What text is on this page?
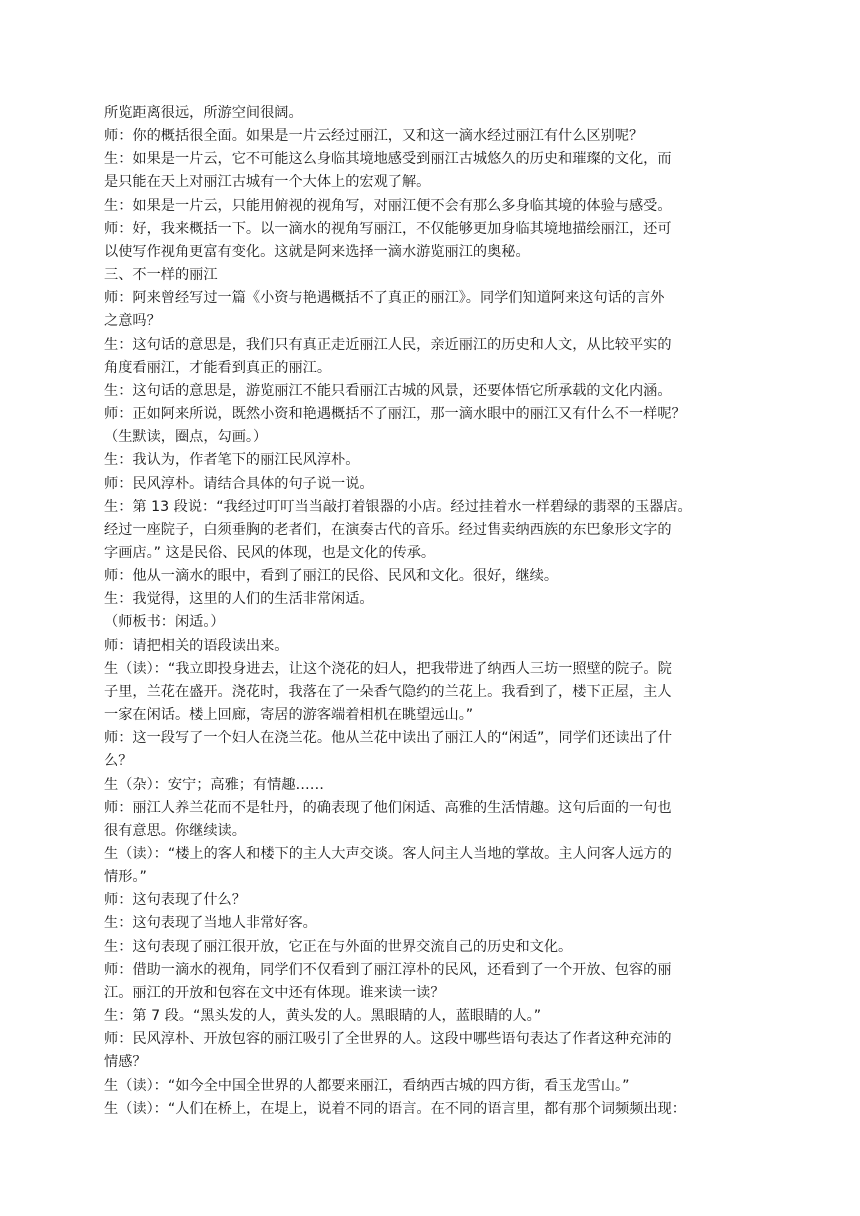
所览距离很远，所游空间很阔。
师：你的概括很全面。如果是一片云经过丽江，又和这一滴水经过丽江有什么区别呢？
生：如果是一片云，它不可能这么身临其境地感受到丽江古城悠久的历史和璀璨的文化，而
是只能在天上对丽江古城有一个大体上的宏观了解。
生：如果是一片云，只能用俯视的视角写，对丽江便不会有那么多身临其境的体验与感受。
师：好，我来概括一下。以一滴水的视角写丽江，不仅能够更加身临其境地描绘丽江，还可
以使写作视角更富有变化。这就是阿来选择一滴水游览丽江的奥秘。
三、不一样的丽江
师：阿来曾经写过一篇《小资与艳遇概括不了真正的丽江》。同学们知道阿来这句话的言外
之意吗？
生：这句话的意思是，我们只有真正走近丽江人民，亲近丽江的历史和人文，从比较平实的
角度看丽江，才能看到真正的丽江。
生：这句话的意思是，游览丽江不能只看丽江古城的风景，还要体悟它所承载的文化内涵。
师：正如阿来所说，既然小资和艳遇概括不了丽江，那一滴水眼中的丽江又有什么不一样呢？
（生默读，圈点，勾画。）
生：我认为，作者笔下的丽江民风淳朴。
师：民风淳朴。请结合具体的句子说一说。
生：第 13 段说：“我经过叮叮当当敲打着银器的小店。经过挂着水一样碧绿的翡翠的玉器店。
经过一座院子，白须垂胸的老者们，在演奏古代的音乐。经过售卖纳西族的东巴象形文字的
字画店。” 这是民俗、民风的体现，也是文化的传承。
师：他从一滴水的眼中，看到了丽江的民俗、民风和文化。很好，继续。
生：我觉得，这里的人们的生活非常闲适。
（师板书：闲适。）
师：请把相关的语段读出来。
生（读）：“我立即投身进去，让这个浇花的妇人，把我带进了纳西人三坊一照壁的院子。院
子里，兰花在盛开。浇花时，我落在了一朵香气隐约的兰花上。我看到了，楼下正屋，主人
一家在闲话。楼上回廊，寄居的游客端着相机在眺望远山。”
师：这一段写了一个妇人在浇兰花。他从兰花中读出了丽江人的“闲适”，同学们还读出了什
么？
生（杂）：安宁；高雅；有情趣……
师：丽江人养兰花而不是牡丹，的确表现了他们闲适、高雅的生活情趣。这句后面的一句也
很有意思。你继续读。
生（读）：“楼上的客人和楼下的主人大声交谈。客人问主人当地的掌故。主人问客人远方的
情形。”
师：这句表现了什么？
生：这句表现了当地人非常好客。
生：这句表现了丽江很开放，它正在与外面的世界交流自己的历史和文化。
师：借助一滴水的视角，同学们不仅看到了丽江淳朴的民风，还看到了一个开放、包容的丽
江。丽江的开放和包容在文中还有体现。谁来读一读？
生：第 7 段。“黑头发的人，黄头发的人。黑眼睛的人，蓝眼睛的人。”
师：民风淳朴、开放包容的丽江吸引了全世界的人。这段中哪些语句表达了作者这种充沛的
情感？
生（读）：“如今全中国全世界的人都要来丽江，看纳西古城的四方街，看玉龙雪山。”
生（读）：“人们在桥上，在堤上，说着不同的语言。在不同的语言里，都有那个词频频出现：
